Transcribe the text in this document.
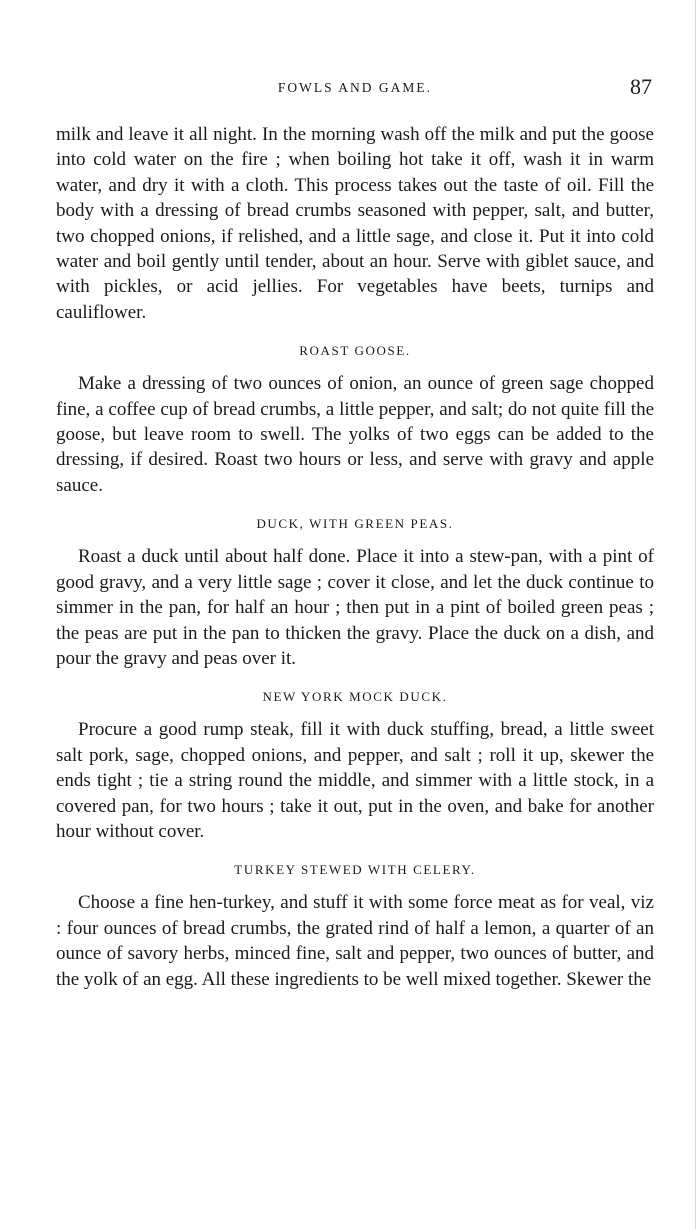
FOWLS AND GAME.	87

milk and leave it all night. In the morning wash off the milk and put the goose into cold water on the fire ; when boiling hot take it off, wash it in warm water, and dry it with a cloth. This process takes out the taste of oil. Fill the body with a dressing of bread crumbs seasoned with pepper, salt, and butter, two chopped onions, if relished, and a little sage, and close it. Put it into cold water and boil gently until tender, about an hour. Serve with giblet sauce, and with pickles, or acid jellies. For vegetables have beets, turnips and cauliflower.

ROAST GOOSE.

Make a dressing of two ounces of onion, an ounce of green sage chopped fine, a coffee cup of bread crumbs, a little pepper, and salt; do not quite fill the goose, but leave room to swell. The yolks of two eggs can be added to the dressing, if desired. Roast two hours or less, and serve with gravy and apple sauce.

DUCK, WITH GREEN PEAS.

Roast a duck until about half done. Place it into a stew-pan, with a pint of good gravy, and a very little sage ; cover it close, and let the duck continue to simmer in the pan, for half an hour ; then put in a pint of boiled green peas ; the peas are put in the pan to thicken the gravy. Place the duck on a dish, and pour the gravy and peas over it.

NEW YORK MOCK DUCK.

Procure a good rump steak, fill it with duck stuffing, bread, a little sweet salt pork, sage, chopped onions, and pepper, and salt ; roll it up, skewer the ends tight ; tie a string round the middle, and simmer with a little stock, in a covered pan, for two hours ; take it out, put in the oven, and bake for another hour without cover.

TURKEY STEWED WITH CELERY.

Choose a fine hen-turkey, and stuff it with some force meat as for veal, viz : four ounces of bread crumbs, the grated rind of half a lemon, a quarter of an ounce of savory herbs, minced fine, salt and pepper, two ounces of butter, and the yolk of an egg. All these ingredients to be well mixed together. Skewer the
